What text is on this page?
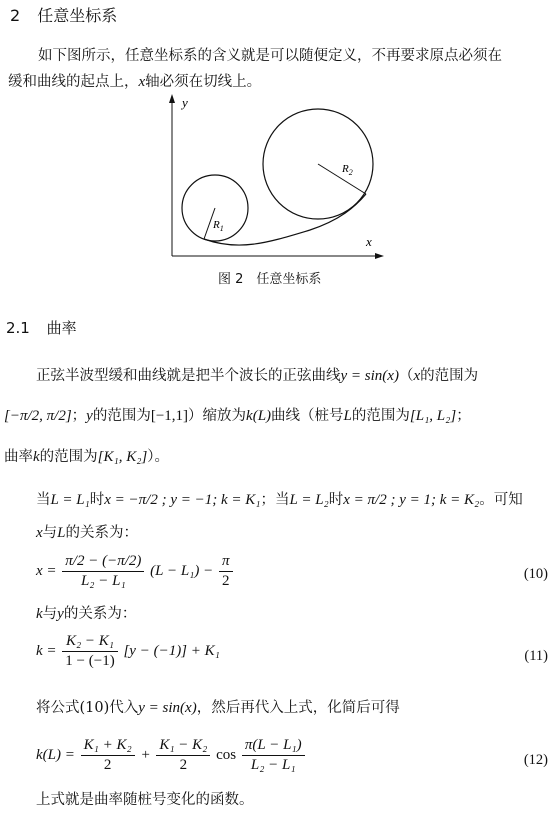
2 任意坐标系
如下图所示，任意坐标系的含义就是可以随便定义，不再要求原点必须在
缓和曲线的起点上，x轴必须在切线上。
y
x
$R_1$
$R_2$
图 2　任意坐标系
2.1 曲率
正弦半波型缓和曲线就是把半个波长的正弦曲线y = sin(x)（x的范围为
[−π/2, π/2]；y的范围为[−1,1]）缩放为k(L)曲线（桩号L的范围为[L₁, L₂]；
曲率k的范围为[K₁, K₂]）。
当L = L₁时x = −π/2 ; y = −1; k = K₁；当L = L₂时x = π/2 ; y = 1; k = K₂。可知
x与L的关系为：
$x = \frac{\pi/2 - (-\pi/2)}{\text{L₂ − L₁}} (L - L_1) - \frac{\pi}{2}$	(10)
k与y的关系为：
$k = \frac{\text{K₂ − K₁}}{1 - (-1)} [y - (-1)] + K_1$	(11)
将公式(10)代入y = sin(x)，然后再代入上式，化简后可得
$k(L) = \frac{\text{K₁ + K₂}}{2} + \frac{\text{K₁ − K₂}}{2}$ $\cos \frac{\text{π(L − L₁)}}{\text{L₂ − L₁}}$	(12)
上式就是曲率随桩号变化的函数。
